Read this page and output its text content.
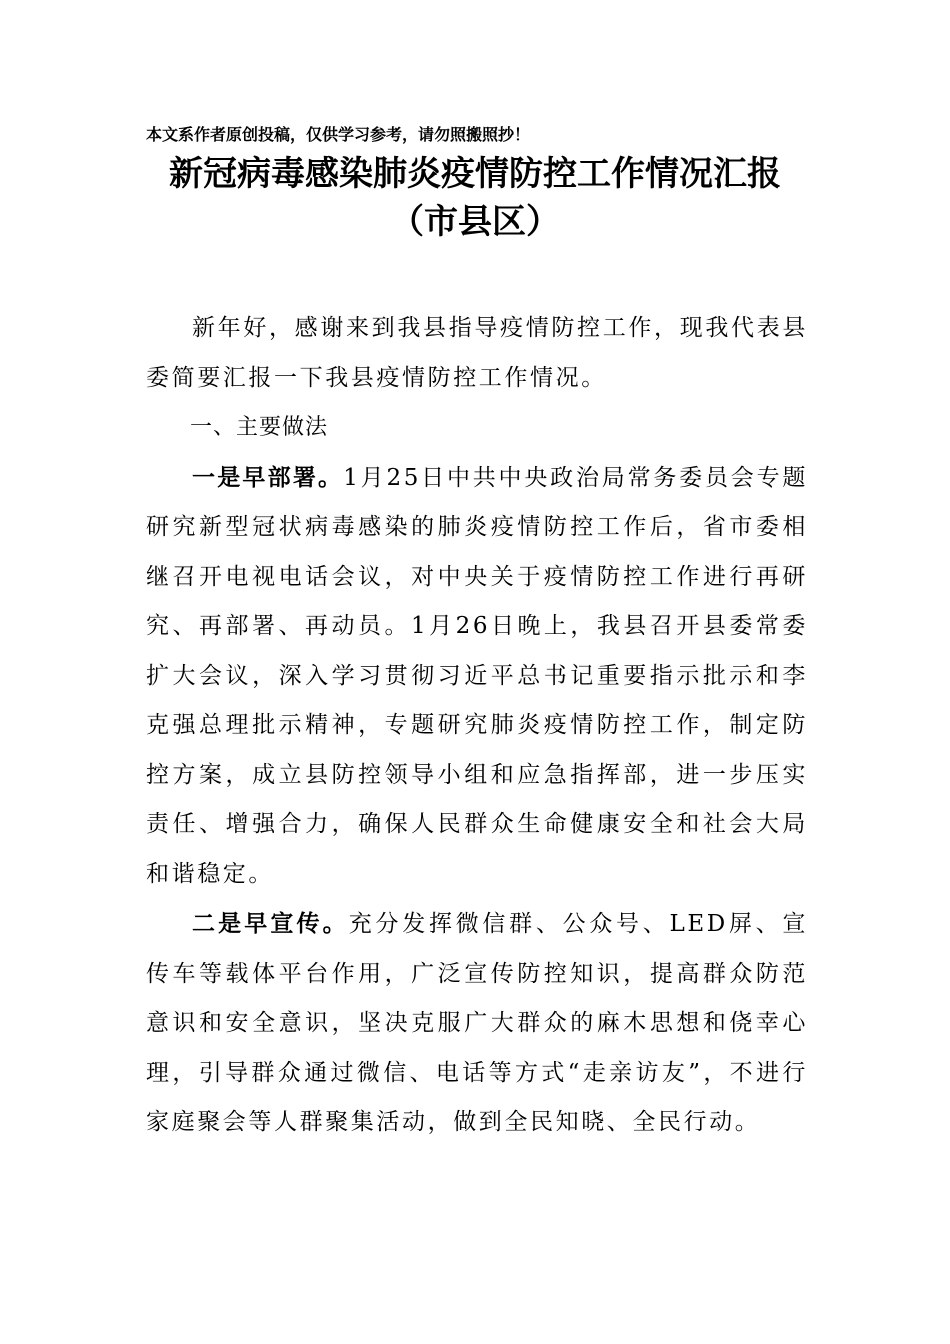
本文系作者原创投稿，仅供学习参考，请勿照搬照抄！
新冠病毒感染肺炎疫情防控工作情况汇报
（市县区）

新年好，感谢来到我县指导疫情防控工作，现我代表县委简要汇报一下我县疫情防控工作情况。

一、主要做法

一是早部署。1月25日中共中央政治局常务委员会专题研究新型冠状病毒感染的肺炎疫情防控工作后，省市委相继召开电视电话会议，对中央关于疫情防控工作进行再研究、再部署、再动员。1月26日晚上，我县召开县委常委扩大会议，深入学习贯彻习近平总书记重要指示批示和李克强总理批示精神，专题研究肺炎疫情防控工作，制定防控方案，成立县防控领导小组和应急指挥部，进一步压实责任、增强合力，确保人民群众生命健康安全和社会大局和谐稳定。

二是早宣传。充分发挥微信群、公众号、LED屏、宣传车等载体平台作用，广泛宣传防控知识，提高群众防范意识和安全意识，坚决克服广大群众的麻木思想和侥幸心理，引导群众通过微信、电话等方式“走亲访友”，不进行家庭聚会等人群聚集活动，做到全民知晓、全民行动。
